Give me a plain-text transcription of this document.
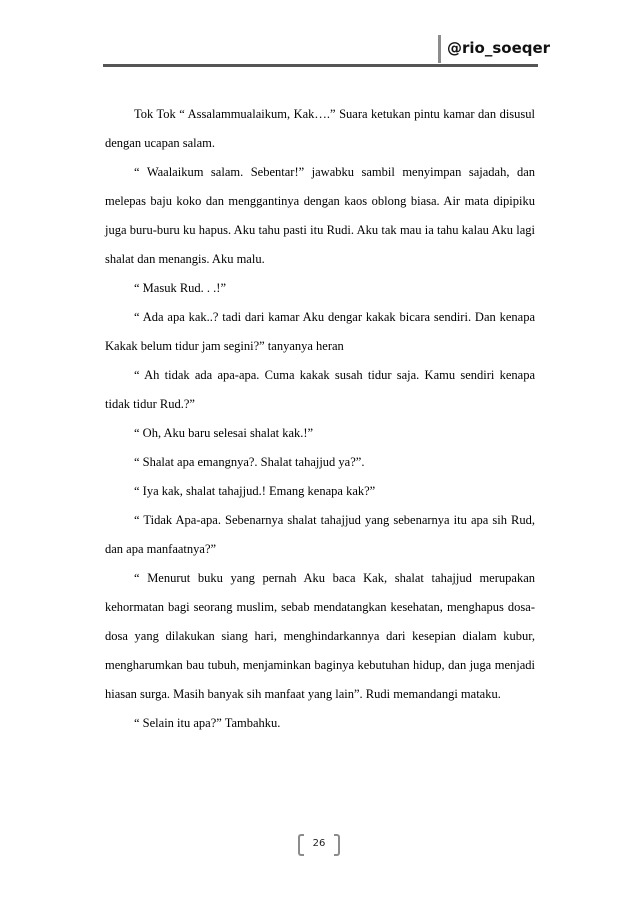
@rio_soeqer

Tok Tok “ Assalammualaikum, Kak….” Suara ketukan pintu kamar dan disusul dengan ucapan salam.

“ Waalaikum salam. Sebentar!” jawabku sambil menyimpan sajadah, dan melepas baju koko dan menggantinya dengan kaos oblong biasa. Air mata dipipiku juga buru-buru ku hapus. Aku tahu pasti itu Rudi. Aku tak mau ia tahu kalau Aku lagi shalat dan menangis. Aku malu.

“ Masuk Rud. . .!”

“ Ada apa kak..? tadi dari kamar Aku dengar kakak bicara sendiri. Dan kenapa Kakak belum tidur jam segini?” tanyanya heran

“ Ah tidak ada apa-apa. Cuma kakak susah tidur saja. Kamu sendiri kenapa tidak tidur Rud.?”

“ Oh, Aku baru selesai shalat kak.!”

“ Shalat apa emangnya?. Shalat tahajjud ya?”.

“ Iya kak, shalat tahajjud.! Emang kenapa kak?”

“ Tidak Apa-apa. Sebenarnya shalat tahajjud yang sebenarnya itu apa sih Rud, dan apa manfaatnya?”

“ Menurut buku yang pernah Aku baca Kak, shalat tahajjud merupakan kehormatan bagi seorang muslim, sebab mendatangkan kesehatan, menghapus dosa-dosa yang dilakukan siang hari, menghindarkannya dari kesepian dialam kubur, mengharumkan bau tubuh, menjaminkan baginya kebutuhan hidup, dan juga menjadi hiasan surga. Masih banyak sih manfaat yang lain”. Rudi memandangi mataku.

“ Selain itu apa?” Tambahku.

26
